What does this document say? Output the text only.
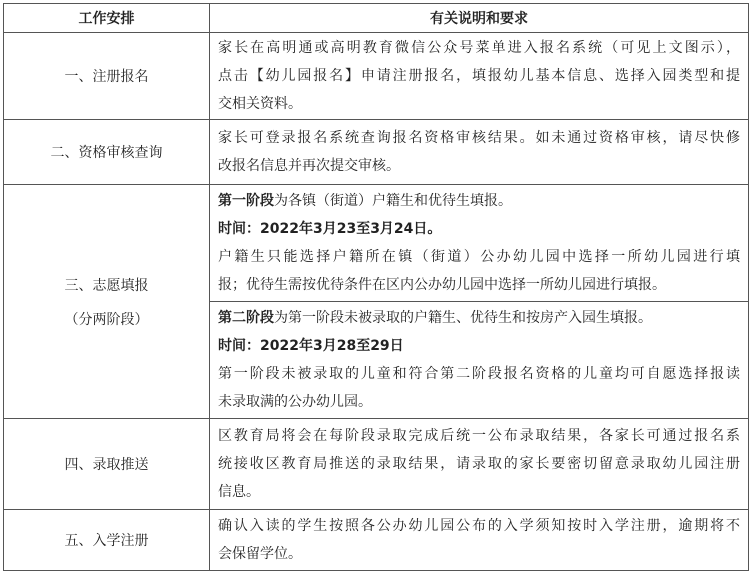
工作安排	有关说明和要求
一、注册报名	家长在高明通或高明教育微信公众号菜单进入报名系统（可见上文图示），
点击【幼儿园报名】申请注册报名，填报幼儿基本信息、选择入园类型和提
交相关资料。

二、资格审核查询	家长可登录报名系统查询报名资格审核结果。如未通过资格审核，请尽快修
改报名信息并再次提交审核。

三、志愿填报
（分两阶段）	第一阶段为各镇（街道）户籍生和优待生填报。
时间：2022年3月23至3月24日。
户籍生只能选择户籍所在镇（街道）公办幼儿园中选择一所幼儿园进行填
报；优待生需按优待条件在区内公办幼儿园中选择一所幼儿园进行填报。

	第二阶段为第一阶段未被录取的户籍生、优待生和按房产入园生填报。
时间：2022年3月28至29日
第一阶段未被录取的儿童和符合第二阶段报名资格的儿童均可自愿选择报读
未录取满的公办幼儿园。

四、录取推送	区教育局将会在每阶段录取完成后统一公布录取结果，各家长可通过报名系
统接收区教育局推送的录取结果，请录取的家长要密切留意录取幼儿园注册
信息。

五、入学注册	确认入读的学生按照各公办幼儿园公布的入学须知按时入学注册，逾期将不
会保留学位。
